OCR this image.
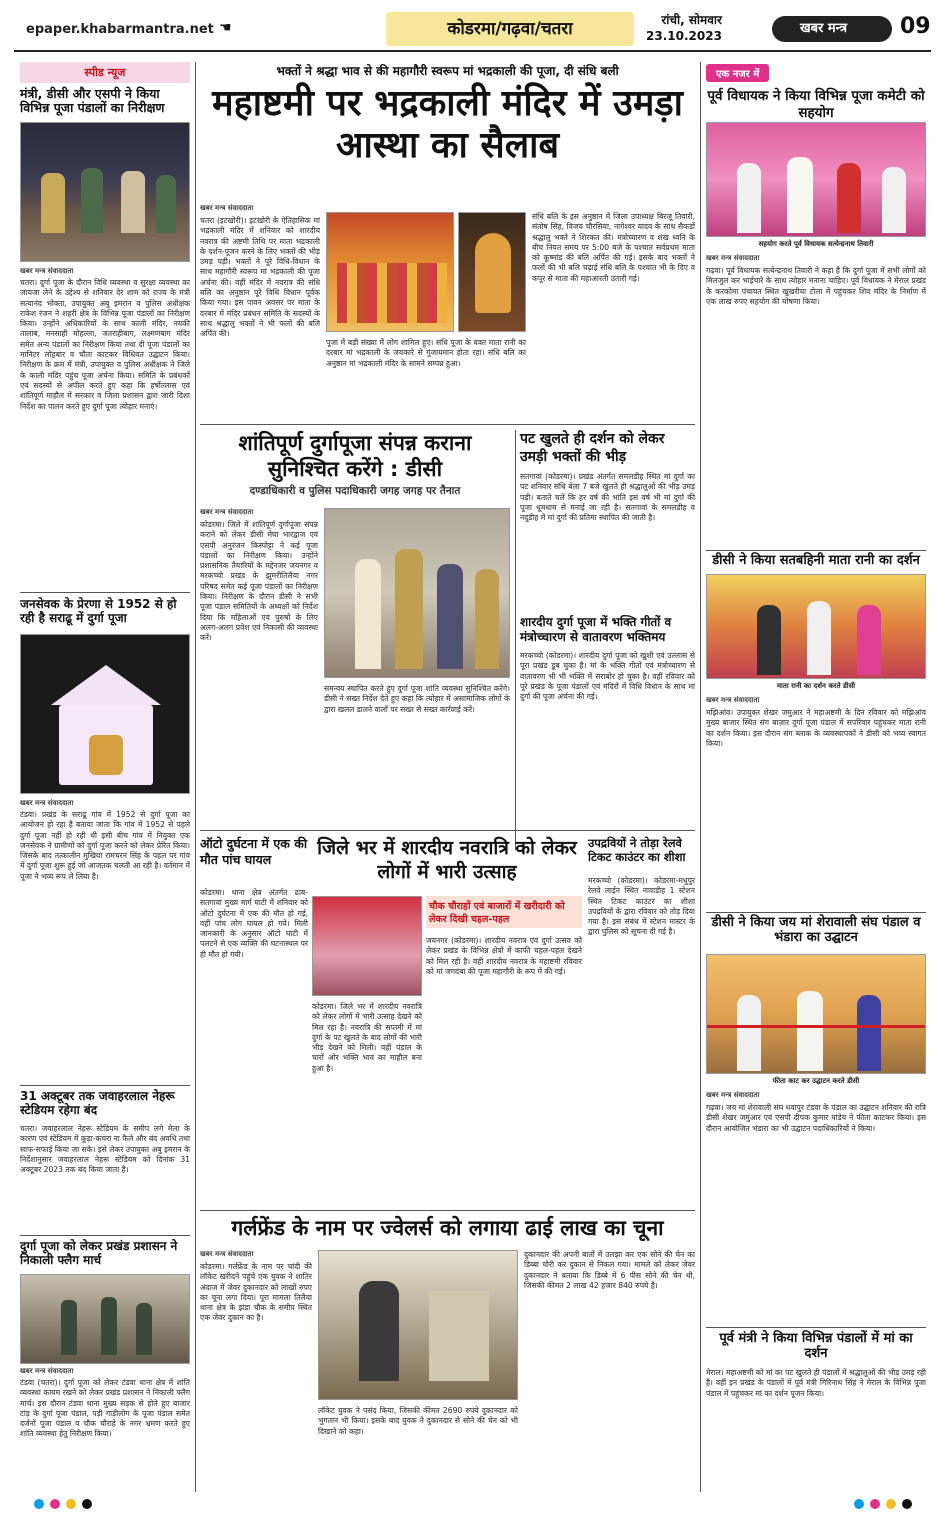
epaper.khabarmantra.net ☚	कोडरमा/गढ़वा/चतरा	रांची, सोमवार
23.10.2023	खबर मन्त्र	09
स्पीड न्यूज
मंत्री, डीसी और एसपी ने किया विभिन्न पूजा पंडालों का निरीक्षण
खबर मन्त्र संवाददाता
चतरा। दुर्गा पूजा के दौरान विधि व्यवस्था व सुरक्षा व्यवस्था का जायजा लेने के उद्देश्य से शनिवार देर शाम को राज्य के मंत्री सत्यानंद भोक्ता, उपायुक्त अबु इमरान व पुलिस अधीक्षक राकेश रंजन ने शहरी क्षेत्र के विभिन्न पूजा पंडालों का निरीक्षण किया। उन्होंने अधिकारियों के साथ काली मंदिर, नयकी तालाब, मनसाही मोहल्ला, जतराहीबाग, लक्ष्मणबाग मंदिर समेत अन्य पंडालों का निरीक्षण किया तथा दी पूजा पंडालों का मानिटर लोहबार व चौता काटकर विधिवत उद्घाटन किया। निरीक्षण के क्रम में मंत्री, उपायुक्त व पुलिस अधीक्षक ने जिले के काली मंदिर पहुंच पूजा अर्चना किया। समिति के प्रबंधकों एवं सदस्यों से अपील करते हुए कहा कि हर्षोल्लास एवं शांतिपूर्ण माहौल में सरकार व जिला प्रशासन द्वारा जारी दिशा निर्देश का पालन करते हुए दुर्गा पूजा त्योहार मनाएं।
जनसेवक के प्रेरणा से 1952 से हो रही है सराढू में दुर्गा पूजा
खबर मन्त्र संवाददाता
टंडवा। प्रखंड के सराढू गांव में 1952 से दुर्गा पूजा का आयोजन हो रहा है बताया जाता कि गांव में 1952 से पहले दुर्गा पूजा नहीं हो रही थी इसी बीच गांव में नियुक्त एक जनसेवक ने ग्रामीणों को दुर्गा पूजा करने को लेकर प्रेरित किया। जिसके बाद तत्कालीन मुखिया रामचरन सिंह के पहल पर गांव में दुर्गा पूजा शुरू हुई जो आजतक चलती आ रही है। वर्तमान में पूजा ने भव्य रूप ले लिया है।
31 अक्टूबर तक जवाहरलाल नेहरू स्टेडियम रहेगा बंद
चतरा। जवाहरलाल नेहरू स्टेडियम के समीप लगे मेला के कारण एवं स्टेडियम में कूड़ा-कचरा ना फैले और बंद अवधि तथा साफ-सफाई किया जा सके। इसे लेकर उपायुक्त अबु इमरान के निर्देशानुसार जवाहरलाल नेहरू स्टेडियम को दिनांक 31 अक्टूबर 2023 तक बंद किया जाता है।
दुर्गा पूजा को लेकर प्रखंड प्रशासन ने निकाली फ्लैग मार्च
खबर मन्त्र संवाददाता
टंडवा (चतरा)। दुर्गा पूजा को लेकर टंडवा थाना क्षेत्र में शांति व्यवस्था कायम रखने को लेकर प्रखंड प्रशासन ने निकाली फ्लैग मार्च। इस दौरान टंडवा थाना मुख्य सड़क से होते हुए बाजार टांड़ के दुर्गा पूजा पंडाल, पड़ी गाड़ीलोग के पूजा पंडाल समेत दर्जनों पूजा पंडाल व चौक चौराहे के नगर भ्रमण करते हुए शांति व्यवस्था हेतु निरीक्षण किया।
भक्तों ने श्रद्धा भाव से की महागौरी स्वरूप मां भद्रकाली की पूजा, दी संधि बली
महाष्टमी पर भद्रकाली मंदिर में उमड़ा आस्था का सैलाब
खबर मन्त्र संवाददाता
चतरा (इटखोरी)। इटखोरी के ऐतिहासिक मां भद्रकाली मंदिर में शनिवार को शारदीय नवरात्र की अष्टमी तिथि पर माता भद्रकाली के दर्शन-पूजन करने के लिए भक्तों की भीड़ उमड़ पड़ी। भक्तों ने पूरे विधि-विधान के साथ महागौरी स्वरूप मां भद्रकाली की पूजा अर्चना की। वहीं मंदिर में नवरात्र की संधि बलि का अनुष्ठान पूरे विधि विधान पूर्वक किया गया। इस पावन अवसर पर माता के दरबार में मंदिर प्रबंधन समिति के सदस्यों के साथ श्रद्धालु भक्तों ने भी फलों की बलि अर्पित की।
पूजा में बड़ी संख्या में लोग शामिल हुए। संधि पूजा के वक्त माता रानी का दरबार मां भद्रकाली के जयकारे से गुंजायमान होता रहा। संधि बलि का अनुष्ठान मां भद्रकाली मंदिर के सामने सम्पन्न हुआ।
संधि बलि के इस अनुष्ठान में जिला उपाध्यक्ष बिरजू तिवारी, संतोष सिंह, विजय चौरसिया, नागेश्वर यादव के साथ सैकड़ों श्रद्धालु भक्ते ने शिरकत की। मंत्रोच्चारण व शंख ध्वनि के बीच नियत समय पर 5:00 बजे के पश्चात सर्वप्रथम माता को कूष्मांड की बलि अर्पित की गई। इसके बाद भक्तों ने फलों की भी बलि चढ़ाई संधि बलि के पश्चात भी के दिए व कपूर से माता की महाआरती उतारी गई।
शांतिपूर्ण दुर्गापूजा संपन्न कराना सुनिश्चित करेंगे : डीसी
दण्डाधिकारी व पुलिस पदाधिकारी जगह जगह पर तैनात
खबर मन्त्र संवाददाता
कोडरमा। जिले में शांतिपूर्ण दुर्गापूजा संपन्न कराने को लेकर डीसी मेघा भारद्वाज एवं एसपी अनुरंजन किस्पोट्टा ने कई पूजा पंडालों का निरीक्षण किया। उन्होंने प्रशासनिक तैयारियों के मद्देनजर जयनगर व मरकच्चो प्रखंड के झुमरीतिलैया नगर परिषद समेत कई पूजा पंडालों का निरीक्षण किया। निरीक्षण के दौरान डीसी ने सभी पूजा पंडाल समितियों के अध्यक्षों को निर्देश दिया कि महिलाओं एवं पुरुषों के लिए अलग-अलग प्रवेश एवं निकासी की व्यवस्था करें।
समन्वय स्थापित करते हुए दुर्गा पूजा शांति व्यवस्था सुनिश्चित करेंगे। डीसी ने सख्त निर्देश देते हुए कहा कि त्योहार में असामाजिक लोगों के द्वारा खलल डालने वालों पर सख्त से सख्त कार्रवाई करें।
पट खुलते ही दर्शन को लेकर उमड़ी भक्तों की भीड़
सतगावां (कोडरमा)। प्रखंड अंतर्गत समलडीह स्थित मां दुर्गा का पट शनिवार संधि बेला 7 बजे खुलते ही श्रद्धालुओं की भीड़ उमड़ पड़ी। बताते चलें कि हर वर्ष की भांति इस वर्ष भी मां दुर्गा की पूजा धूमधाम से मनाई जा रही है। सतगावां के समलडीह व नदुडीह में मां दुर्गा की प्रतिमा स्थापित की जाती है।
शारदीय दुर्गा पूजा में भक्ति गीतों व मंत्रोच्चारण से वातावरण भक्तिमय
मरकच्चो (कोडरमा)। शारदीय दुर्गा पूजा को खुशी एवं उल्लास से पूरा प्रखंड डूब चुका है। मां के भक्ति गीतों एवं मंत्रोच्चारण से वातावरण भी भी भक्ति में सराबोर हो चुका है। वहीं रविवार को पूरे प्रखंड के पूजा पंडालों एवं मंदिरों में विधि विधान के साथ मां दुर्गा की पूजा अर्चना की गई।
ऑटो दुर्घटना में एक की मौत पांच घायल
कोडरमा। थाना क्षेत्र अंतर्गत ढाब-सतगावां मुख्य मार्ग घाटी में शनिवार को ऑटो दुर्घटना में एक की मौत हो गई, वहीं पांच लोग घायल हो गये। मिली जानकारी के अनुसार ऑटो घाटी में पलटने से एक व्यक्ति की घटनास्थल पर ही मौत हो गयी।
जिले भर में शारदीय नवरात्रि को लेकर लोगों में भारी उत्साह
चौक चौराहों एवं बाजारों में खरीदारी को लेकर दिखी चहल-पहल
कोडरमा। जिले भर में शारदीय नवरात्रि को लेकर लोगों में भारी उत्साह देखने को मिल रहा है। नवरात्रि की सप्तमी में मां दुर्गा के पट खुलते के बाद लोगों की भारी भीड़ देखने को मिली। वहीं पंडाल के चारों ओर भक्ति भाव का माहौल बना हुआ है।
जयनगर (कोडरमा)। शारदीय नवरात्र एवं दुर्गा उत्सव को लेकर प्रखंड के विभिन्न क्षेत्रों में काफी चहल-पहल देखने को मिल रही है। वहीं शारदीय नवरात्र के महाष्टमी रविवार को मां जगदंबा की पूजा महागौरी के रूप में की गई।
उपद्रवियों ने तोड़ा रेलवे टिकट काउंटर का शीशा
मरकच्चो (कोडरमा)। कोडरमा-मधुपुर रेलवे लाईन स्थित नावाडीह 1 स्टेशन स्थित टिकट काउंटर का शीशा उपद्रवियों के द्वारा रविवार को तोड़ दिया गया है। इस संबंध में स्टेशन मास्टर के द्वारा पुलिस को सूचना दी गई है।
गर्लफ्रेंड के नाम पर ज्वेलर्स को लगाया ढाई लाख का चूना
खबर मन्त्र संवाददाता
कोडरमा। गर्लफ्रेंड के नाम पर चांदी की लॉकेट खरीदने पहुंचे एक युवक ने शातिर अंदाज में जेवर दुकानदार को लाखों रुपए का चूना लगा दिया। पूरा मामला तिलैया थाना क्षेत्र के झंडा चौक के समीप स्थित एक जेवर दुकान का है।
लॉकेट युवक ने पसंद किया, जिसकी कीमत 2690 रुपये दुकानदार को भुगतान भी किया। इसके बाद युवक ने दुकानदार से सोने की चेन को भी दिखाने को कहा।
दुकानदार की अपनी बातों में उलझा कर एक सोने की चेन का डिब्बा चोरी कर दुकान से निकल गया। मामले को लेकर जेवर दुकानदार ने बताया कि डिब्बे में 6 पीस सोने की चेन थी, जिसकी कीमत 2 लाख 42 हजार 840 रुपये है।
एक नजर में
पूर्व विधायक ने किया विभिन्न पूजा कमेटी को सहयोग
सहयोग करते पूर्व विधायक सत्येन्द्रनाथ तिवारी
खबर मन्त्र संवाददाता
गढ़वा। पूर्व विधायक सत्येन्द्रनाथ तिवारी ने कहा है कि दुर्गा पूजा में सभी लोगों को मिलजुल कर भाईचारे के साथ त्योहार मनाना चाहिए। पूर्व विधायक ने मेराल प्रखंड के करकोमा पंचायत स्थित खुखरीया टोला में पहुंचकर शिव मंदिर के निर्माण में एक लाख रुपए सहयोग की घोषणा किया।
डीसी ने किया सतबहिनी माता रानी का दर्शन
माता रानी का दर्शन करते डीसी
खबर मन्त्र संवाददाता
मझिआंव। उपायुक्त शेखर जमुआर ने महाअष्टमी के दिन रविवार को मझिआंव मुख्य बाजार स्थित संग बाज़ार दुर्गा पूजा पंडाल में सपरिवार पहुंचकर माता रानी का दर्शन किया। इस दौरान संग ब्लाक के व्यवस्थापकों ने डीसी को भव्य स्वागत किया।
डीसी ने किया जय मां शेरावाली संघ पंडाल व भंडारा का उद्घाटन
फीता काट कर उद्घाटन करते डीसी
खबर मन्त्र संवाददाता
गढ़वा। जय मां शेरावाली संघ धवापुर टंडवा के पंडाल का उद्घाटन शनिवार की रात्रि डीसी शेखर जमुआर एवं एसपी दीपक कुमार पांडेय ने फीता काटकर किया। इस दौरान आयोजित भंडारा का भी उद्घाटन पदाधिकारियों ने किया।
पूर्व मंत्री ने किया विभिन्न पंडालों में मां का दर्शन
मेराल। महाअष्टमी को मां का पट खुलते ही पंडालों में श्रद्धालुओं की भीड़ उमड़ रही है। वहीं इन प्रखंड के पंडालों में पूर्व मंत्री गिरिनाथ सिंह ने मेराल के विभिन्न पूजा पंडाल में पहुंचकर मां का दर्शन पूजन किया।
